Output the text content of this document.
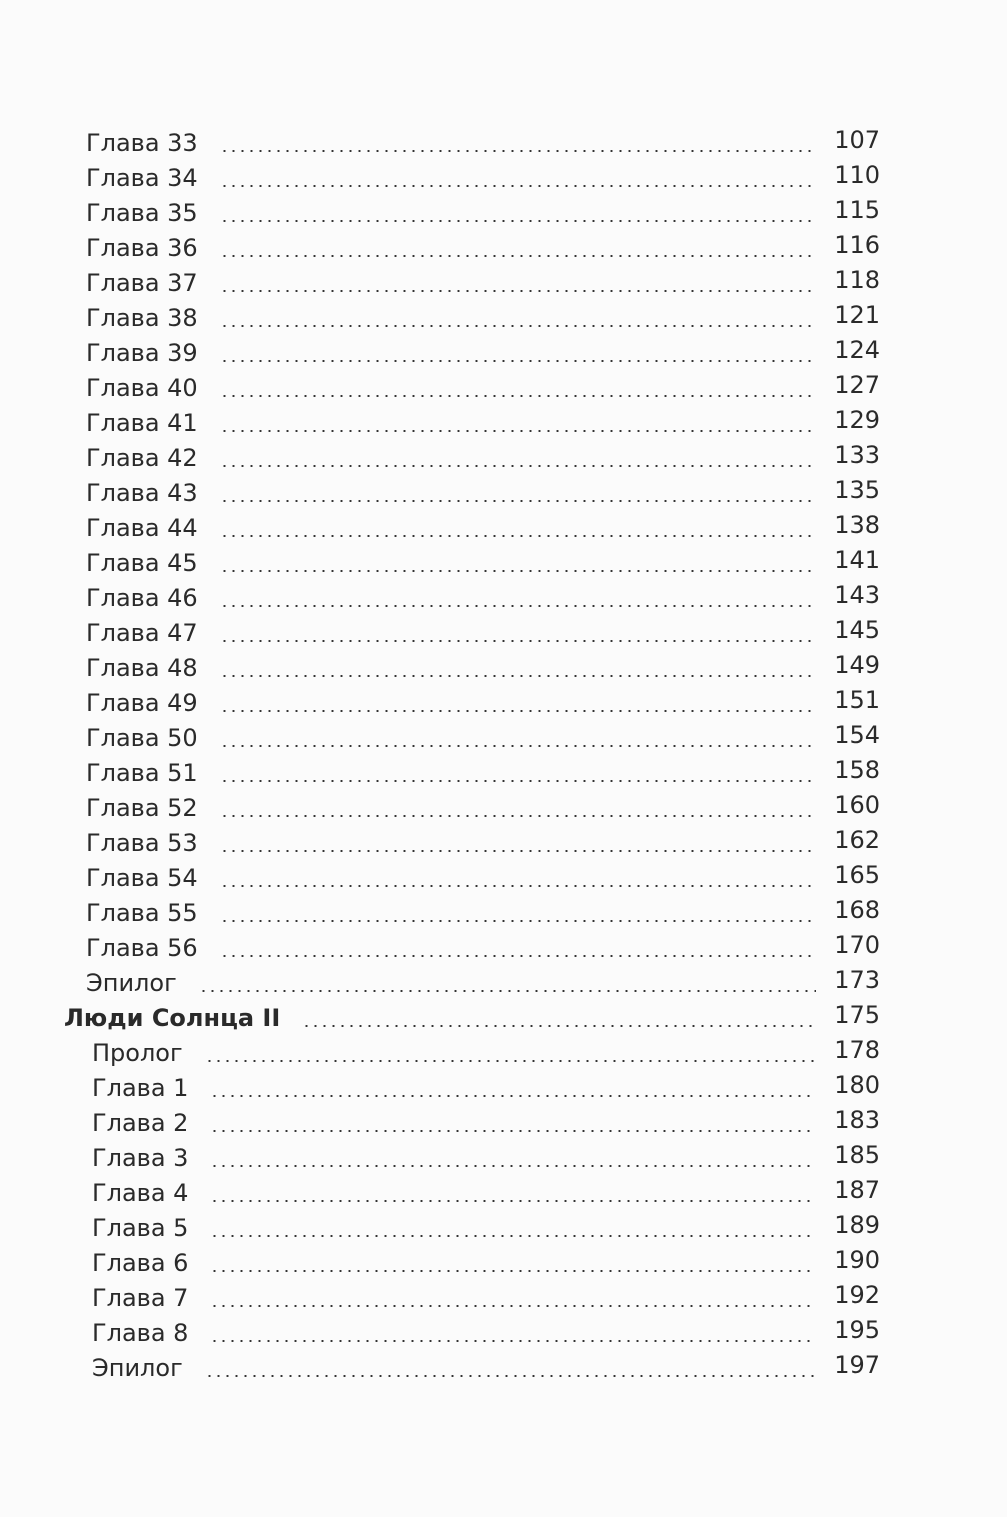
Глава 33	107
Глава 34	110
Глава 35	115
Глава 36	116
Глава 37	118
Глава 38	121
Глава 39	124
Глава 40	127
Глава 41	129
Глава 42	133
Глава 43	135
Глава 44	138
Глава 45	141
Глава 46	143
Глава 47	145
Глава 48	149
Глава 49	151
Глава 50	154
Глава 51	158
Глава 52	160
Глава 53	162
Глава 54	165
Глава 55	168
Глава 56	170
Эпилог	173
Люди Солнца II	175
Пролог	178
Глава 1	180
Глава 2	183
Глава 3	185
Глава 4	187
Глава 5	189
Глава 6	190
Глава 7	192
Глава 8	195
Эпилог	197
